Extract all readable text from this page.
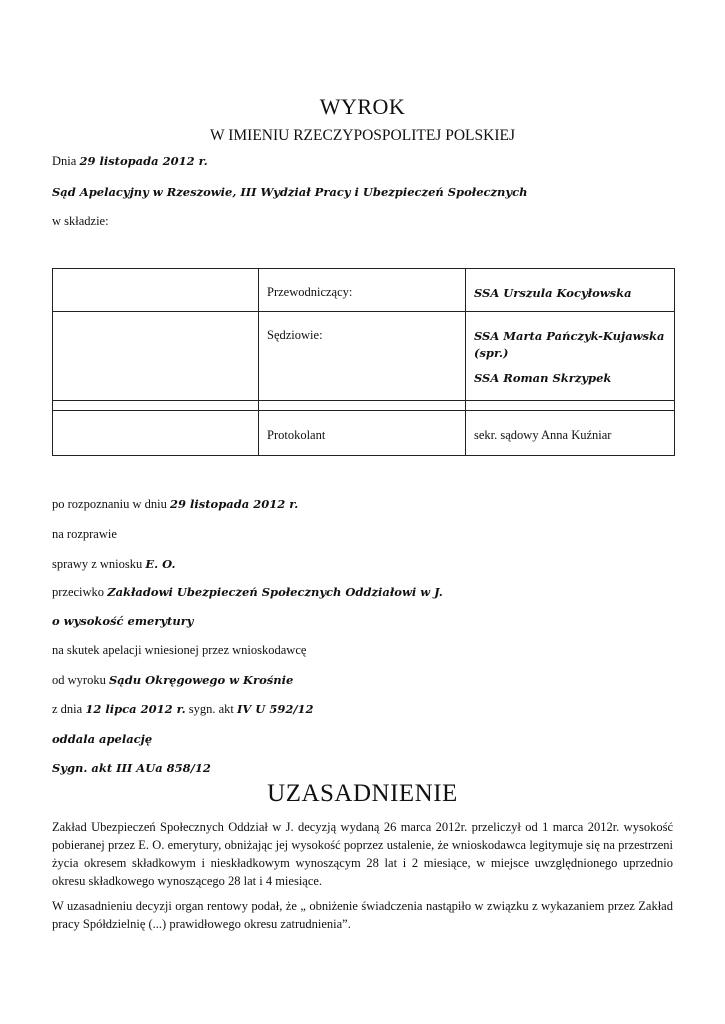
WYROK
W IMIENIU RZECZYPOSPOLITEJ POLSKIEJ
Dnia 29 listopada 2012 r.
Sąd Apelacyjny w Rzeszowie, III Wydział Pracy i Ubezpieczeń Społecznych
w składzie:

	Przewodniczący:	SSA Urszula Kocyłowska

	Sędziowie:	SSA Marta Pańczyk-Kujawska (spr.)
SSA Roman Skrzypek

	Protokolant	sekr. sądowy Anna Kuźniar
po rozpoznaniu w dniu 29 listopada 2012 r.
na rozprawie
sprawy z wniosku E. O.
przeciwko Zakładowi Ubezpieczeń Społecznych Oddziałowi w J.
o wysokość emerytury
na skutek apelacji wniesionej przez wnioskodawcę
od wyroku Sądu Okręgowego w Krośnie
z dnia 12 lipca 2012 r. sygn. akt IV U 592/12
oddala apelację
Sygn. akt III AUa 858/12
UZASADNIENIE
Zakład Ubezpieczeń Społecznych Oddział w J. decyzją wydaną 26 marca 2012r. przeliczył od 1 marca 2012r. wysokość pobieranej przez E. O. emerytury, obniżając jej wysokość poprzez ustalenie, że wnioskodawca legitymuje się na przestrzeni życia okresem składkowym i nieskładkowym wynoszącym 28 lat i 2 miesiące, w miejsce uwzględnionego uprzednio okresu składkowego wynoszącego 28 lat i 4 miesiące.
W uzasadnieniu decyzji organ rentowy podał, że „ obniżenie świadczenia nastąpiło w związku z wykazaniem przez Zakład pracy Spółdzielnię (...) prawidłowego okresu zatrudnienia”.
